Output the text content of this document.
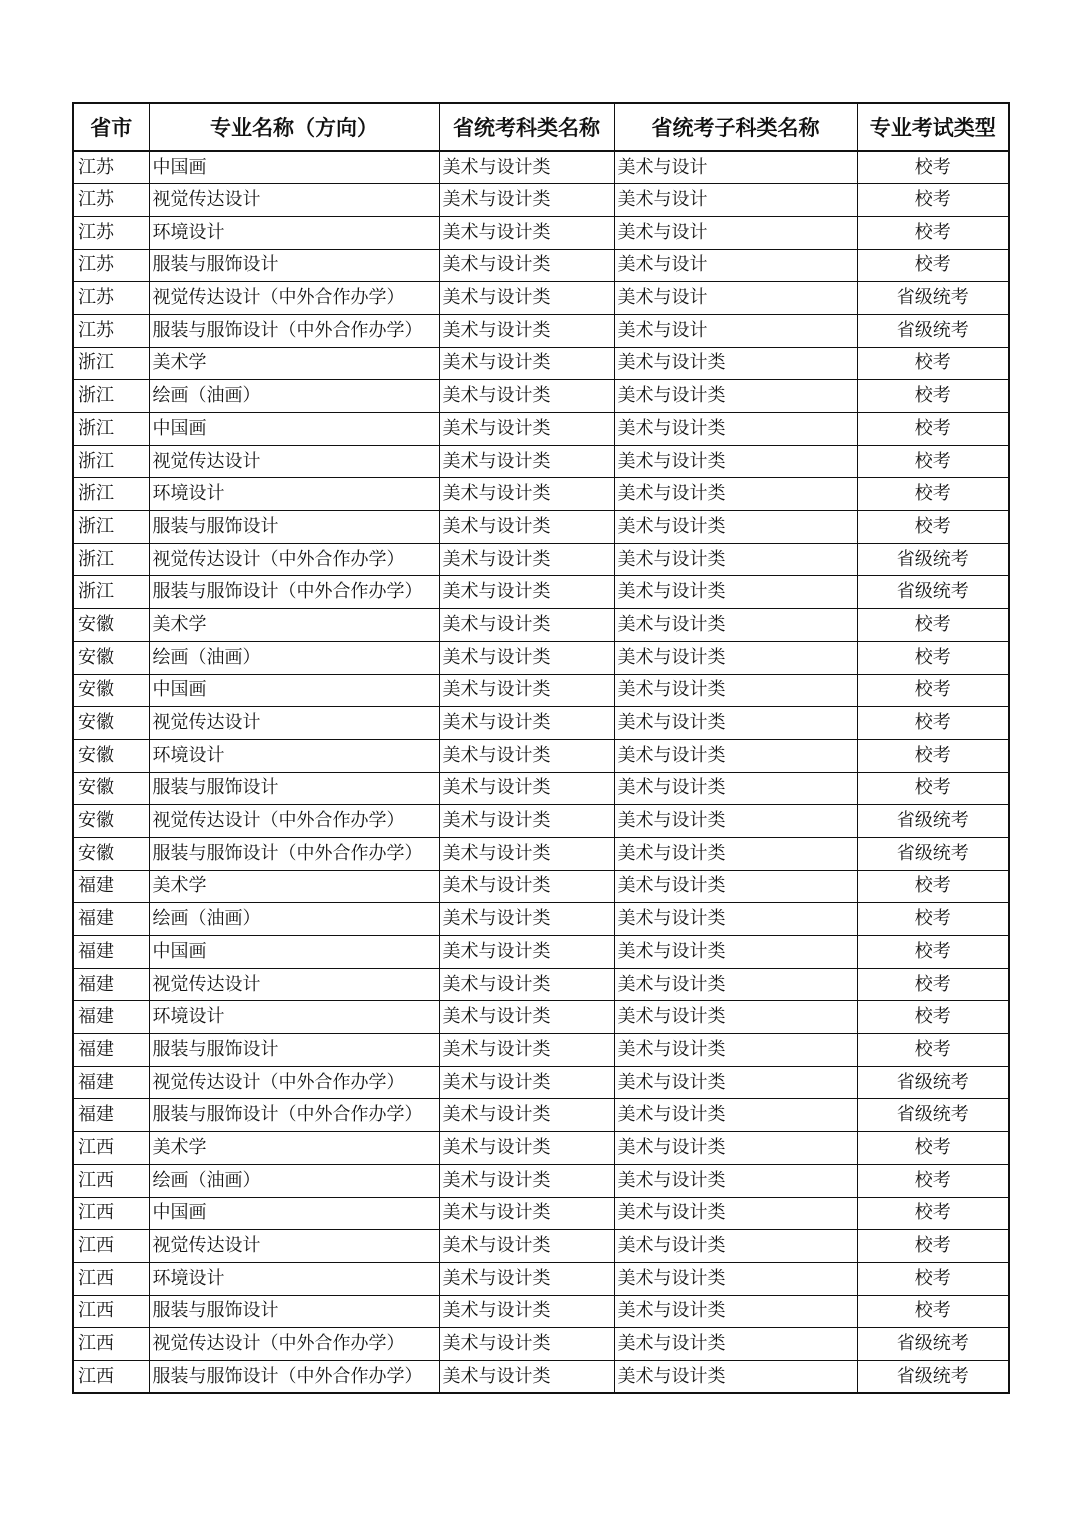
省市	专业名称（方向）	省统考科类名称	省统考子科类名称	专业考试类型
江苏	中国画	美术与设计类	美术与设计	校考
江苏	视觉传达设计	美术与设计类	美术与设计	校考
江苏	环境设计	美术与设计类	美术与设计	校考
江苏	服装与服饰设计	美术与设计类	美术与设计	校考
江苏	视觉传达设计（中外合作办学）	美术与设计类	美术与设计	省级统考
江苏	服装与服饰设计（中外合作办学）	美术与设计类	美术与设计	省级统考
浙江	美术学	美术与设计类	美术与设计类	校考
浙江	绘画（油画）	美术与设计类	美术与设计类	校考
浙江	中国画	美术与设计类	美术与设计类	校考
浙江	视觉传达设计	美术与设计类	美术与设计类	校考
浙江	环境设计	美术与设计类	美术与设计类	校考
浙江	服装与服饰设计	美术与设计类	美术与设计类	校考
浙江	视觉传达设计（中外合作办学）	美术与设计类	美术与设计类	省级统考
浙江	服装与服饰设计（中外合作办学）	美术与设计类	美术与设计类	省级统考
安徽	美术学	美术与设计类	美术与设计类	校考
安徽	绘画（油画）	美术与设计类	美术与设计类	校考
安徽	中国画	美术与设计类	美术与设计类	校考
安徽	视觉传达设计	美术与设计类	美术与设计类	校考
安徽	环境设计	美术与设计类	美术与设计类	校考
安徽	服装与服饰设计	美术与设计类	美术与设计类	校考
安徽	视觉传达设计（中外合作办学）	美术与设计类	美术与设计类	省级统考
安徽	服装与服饰设计（中外合作办学）	美术与设计类	美术与设计类	省级统考
福建	美术学	美术与设计类	美术与设计类	校考
福建	绘画（油画）	美术与设计类	美术与设计类	校考
福建	中国画	美术与设计类	美术与设计类	校考
福建	视觉传达设计	美术与设计类	美术与设计类	校考
福建	环境设计	美术与设计类	美术与设计类	校考
福建	服装与服饰设计	美术与设计类	美术与设计类	校考
福建	视觉传达设计（中外合作办学）	美术与设计类	美术与设计类	省级统考
福建	服装与服饰设计（中外合作办学）	美术与设计类	美术与设计类	省级统考
江西	美术学	美术与设计类	美术与设计类	校考
江西	绘画（油画）	美术与设计类	美术与设计类	校考
江西	中国画	美术与设计类	美术与设计类	校考
江西	视觉传达设计	美术与设计类	美术与设计类	校考
江西	环境设计	美术与设计类	美术与设计类	校考
江西	服装与服饰设计	美术与设计类	美术与设计类	校考
江西	视觉传达设计（中外合作办学）	美术与设计类	美术与设计类	省级统考
江西	服装与服饰设计（中外合作办学）	美术与设计类	美术与设计类	省级统考
